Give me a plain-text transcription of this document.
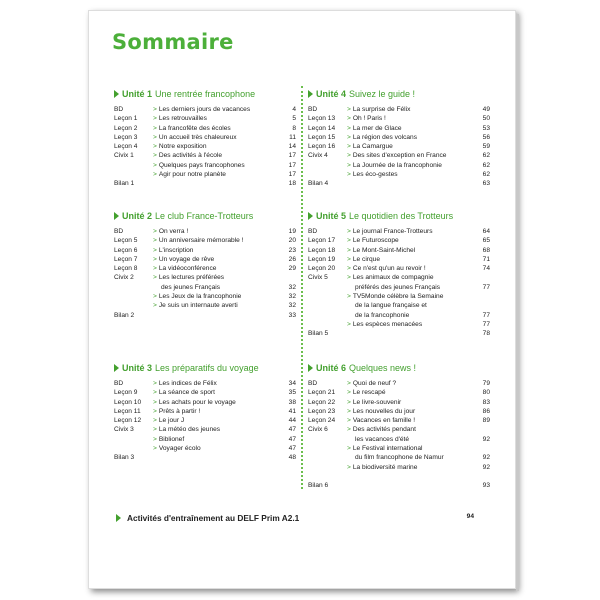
Sommaire
Unité 1 Une rentrée francophone
BD	> Les derniers jours de vacances	4
Leçon 1	> Les retrouvailles	5
Leçon 2	> La francofête des écoles	8
Leçon 3	> Un accueil très chaleureux	11
Leçon 4	> Notre exposition	14
Civix 1	> Des activités à l'école	17
> Quelques pays francophones	17
> Agir pour notre planète	17
Bilan 1	18
Unité 2 Le club France-Trotteurs
BD	> On verra !	19
Leçon 5	> Un anniversaire mémorable !	20
Leçon 6	> L'inscription	23
Leçon 7	> Un voyage de rêve	26
Leçon 8	> La vidéoconférence	29
Civix 2	> Les lectures préférées
des jeunes Français	32
> Les Jeux de la francophonie	32
> Je suis un internaute averti	32
Bilan 2	33
Unité 3 Les préparatifs du voyage
BD	> Les indices de Félix	34
Leçon 9	> La séance de sport	35
Leçon 10	> Les achats pour le voyage	38
Leçon 11	> Prêts à partir !	41
Leçon 12	> Le jour J	44
Civix 3	> La météo des jeunes	47
> Biblionef	47
> Voyager écolo	47
Bilan 3	48
Unité 4 Suivez le guide !
BD	> La surprise de Félix	49
Leçon 13	> Oh ! Paris !	50
Leçon 14	> La mer de Glace	53
Leçon 15	> La région des volcans	56
Leçon 16	> La Camargue	59
Civix 4	> Des sites d'exception en France	62
> La Journée de la francophonie	62
> Les éco-gestes	62
Bilan 4	63
Unité 5 Le quotidien des Trotteurs
BD	> Le journal France-Trotteurs	64
Leçon 17	> Le Futuroscope	65
Leçon 18	> Le Mont-Saint-Michel	68
Leçon 19	> Le cirque	71
Leçon 20	> Ce n'est qu'un au revoir !	74
Civix 5	> Les animaux de compagnie
préférés des jeunes Français	77
> TV5Monde célèbre la Semaine
de la langue française et
de la francophonie	77
> Les espèces menacées	77
Bilan 5	78
Unité 6 Quelques news !
BD	> Quoi de neuf ?	79
Leçon 21	> Le rescapé	80
Leçon 22	> Le livre-souvenir	83
Leçon 23	> Les nouvelles du jour	86
Leçon 24	> Vacances en famille !	89
Civix 6	> Des activités pendant
les vacances d'été	92
> Le Festival international
du film francophone de Namur	92
> La biodiversité marine	92
Bilan 6	93
Activités d'entraînement au DELF Prim A2.1	94
